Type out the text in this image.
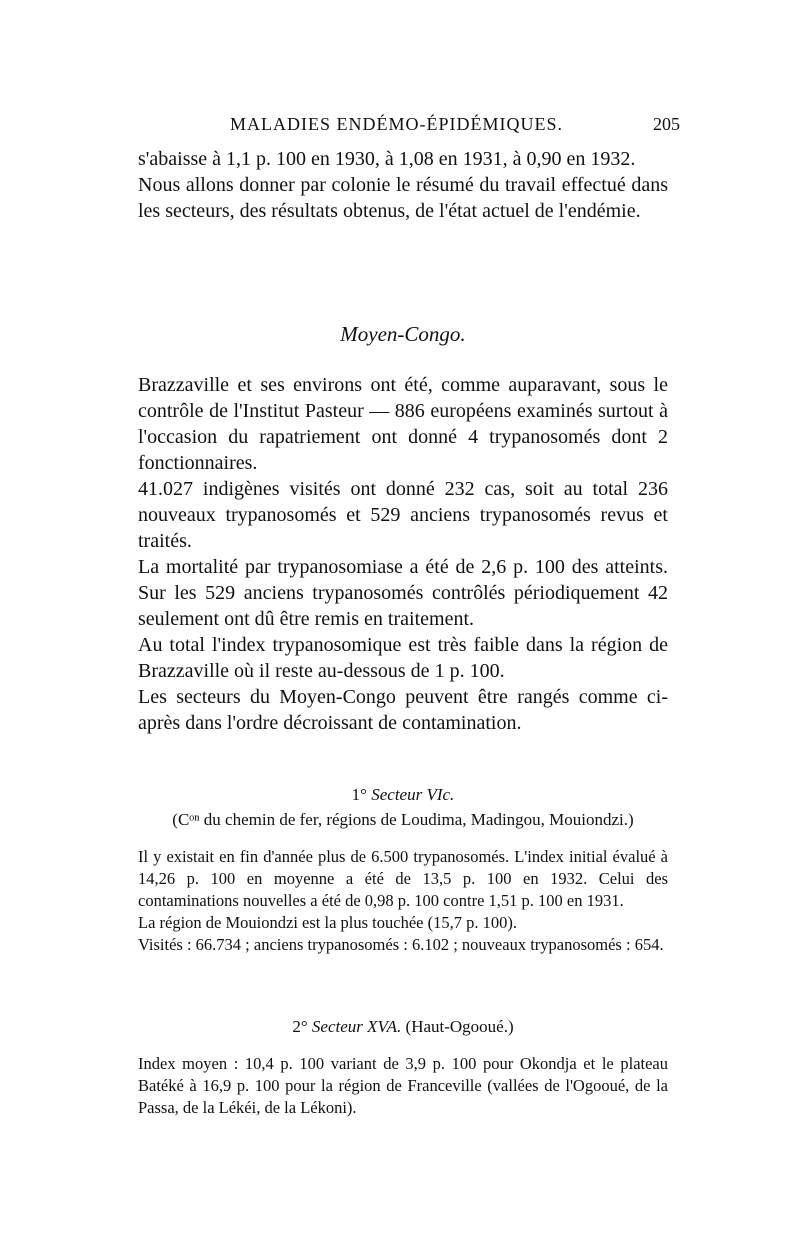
MALADIES ENDÉMO-ÉPIDÉMIQUES.	205

s'abaisse à 1,1 p. 100 en 1930, à 1,08 en 1931, à 0,90 en 1932.

Nous allons donner par colonie le résumé du travail effectué dans les secteurs, des résultats obtenus, de l'état actuel de l'endémie.

Moyen-Congo.

Brazzaville et ses environs ont été, comme auparavant, sous le contrôle de l'Institut Pasteur — 886 européens examinés surtout à l'occasion du rapatriement ont donné 4 trypanosomés dont 2 fonctionnaires.

41.027 indigènes visités ont donné 232 cas, soit au total 236 nouveaux trypanosomés et 529 anciens trypanosomés revus et traités.

La mortalité par trypanosomiase a été de 2,6 p. 100 des atteints. Sur les 529 anciens trypanosomés contrôlés périodiquement 42 seulement ont dû être remis en traitement.

Au total l'index trypanosomique est très faible dans la région de Brazzaville où il reste au-dessous de 1 p. 100.

Les secteurs du Moyen-Congo peuvent être rangés comme ci-après dans l'ordre décroissant de contamination.

1° Secteur VIc.
(Cᵒⁿ du chemin de fer, régions de Loudima, Madingou, Mouiondzi.)

Il y existait en fin d'année plus de 6.500 trypanosomés. L'index initial évalué à 14,26 p. 100 en moyenne a été de 13,5 p. 100 en 1932. Celui des contaminations nouvelles a été de 0,98 p. 100 contre 1,51 p. 100 en 1931.

La région de Mouiondzi est la plus touchée (15,7 p. 100).

Visités : 66.734 ; anciens trypanosomés : 6.102 ; nouveaux trypanosomés : 654.

2° Secteur XVA. (Haut-Ogooué.)

Index moyen : 10,4 p. 100 variant de 3,9 p. 100 pour Okondja et le plateau Batéké à 16,9 p. 100 pour la région de Franceville (vallées de l'Ogooué, de la Passa, de la Lékéi, de la Lékoni).
